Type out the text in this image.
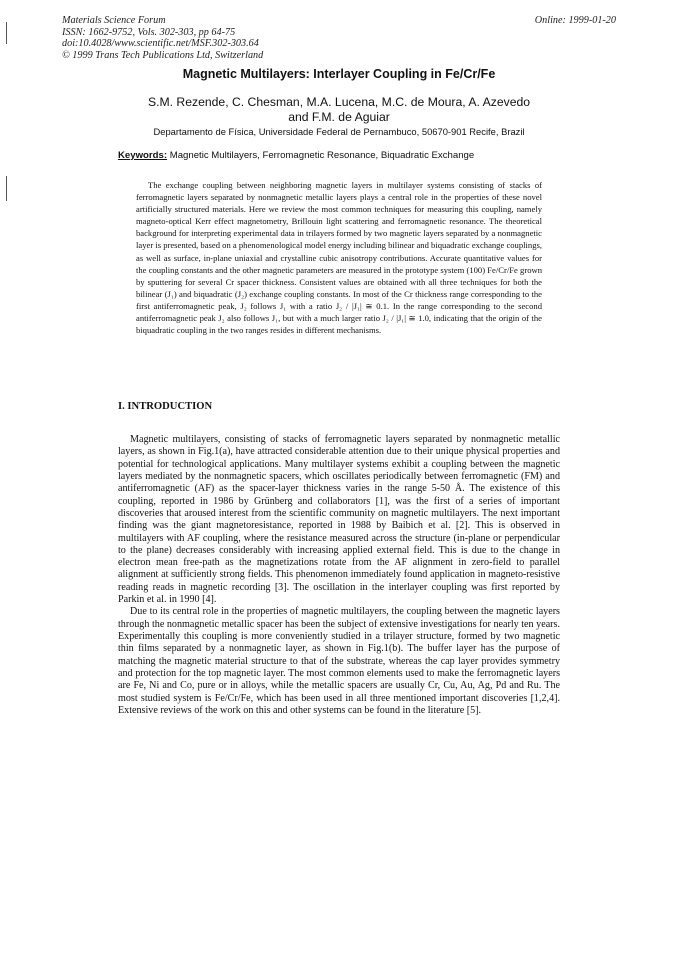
Materials Science Forum
ISSN: 1662-9752, Vols. 302-303, pp 64-75
doi:10.4028/www.scientific.net/MSF.302-303.64
© 1999 Trans Tech Publications Ltd, Switzerland
Online: 1999-01-20
Magnetic Multilayers: Interlayer Coupling in Fe/Cr/Fe
S.M. Rezende, C. Chesman, M.A. Lucena, M.C. de Moura, A. Azevedo
and F.M. de Aguiar
Departamento de Física, Universidade Federal de Pernambuco, 50670-901 Recife, Brazil
Keywords: Magnetic Multilayers, Ferromagnetic Resonance, Biquadratic Exchange

The exchange coupling between neighboring magnetic layers in multilayer systems consisting of stacks of ferromagnetic layers separated by nonmagnetic metallic layers plays a central role in the properties of these novel artificially structured materials. Here we review the most common techniques for measuring this coupling, namely magneto-optical Kerr effect magnetometry, Brillouin light scattering and ferromagnetic resonance. The theoretical background for interpreting experimental data in trilayers formed by two magnetic layers separated by a nonmagnetic layer is presented, based on a phenomenological model energy including bilinear and biquadratic exchange couplings, as well as surface, in-plane uniaxial and crystalline cubic anisotropy contributions. Accurate quantitative values for the coupling constants and the other magnetic parameters are measured in the prototype system (100) Fe/Cr/Fe grown by sputtering for several Cr spacer thickness. Consistent values are obtained with all three techniques for both the bilinear (J₁) and biquadratic (J₂) exchange coupling constants. In most of the Cr thickness range corresponding to the first antiferromagnetic peak, J₂ follows J₁ with a ratio J₂ / |J₁| ≅ 0.1. In the range corresponding to the second antiferromagnetic peak J₂ also follows J₁, but with a much larger ratio J₂ / |J₁| ≅ 1.0, indicating that the origin of the biquadratic coupling in the two ranges resides in different mechanisms.

I. INTRODUCTION

Magnetic multilayers, consisting of stacks of ferromagnetic layers separated by nonmagnetic metallic layers, as shown in Fig.1(a), have attracted considerable attention due to their unique physical properties and potential for technological applications. Many multilayer systems exhibit a coupling between the magnetic layers mediated by the nonmagnetic spacers, which oscillates periodically between ferromagnetic (FM) and antiferromagnetic (AF) as the spacer-layer thickness varies in the range 5-50 Å. The existence of this coupling, reported in 1986 by Grünberg and collaborators [1], was the first of a series of important discoveries that aroused interest from the scientific community on magnetic multilayers. The next important finding was the giant magnetoresistance, reported in 1988 by Baibich et al. [2]. This is observed in multilayers with AF coupling, where the resistance measured across the structure (in-plane or perpendicular to the plane) decreases considerably with increasing applied external field. This is due to the change in electron mean free-path as the magnetizations rotate from the AF alignment in zero-field to parallel alignment at sufficiently strong fields. This phenomenon immediately found application in magneto-resistive reading reads in magnetic recording [3]. The oscillation in the interlayer coupling was first reported by Parkin et al. in 1990 [4].

Due to its central role in the properties of magnetic multilayers, the coupling between the magnetic layers through the nonmagnetic metallic spacer has been the subject of extensive investigations for nearly ten years. Experimentally this coupling is more conveniently studied in a trilayer structure, formed by two magnetic thin films separated by a nonmagnetic layer, as shown in Fig.1(b). The buffer layer has the purpose of matching the magnetic material structure to that of the substrate, whereas the cap layer provides symmetry and protection for the top magnetic layer. The most common elements used to make the ferromagnetic layers are Fe, Ni and Co, pure or in alloys, while the metallic spacers are usually Cr, Cu, Au, Ag, Pd and Ru. The most studied system is Fe/Cr/Fe, which has been used in all three mentioned important discoveries [1,2,4]. Extensive reviews of the work on this and other systems can be found in the literature [5].
